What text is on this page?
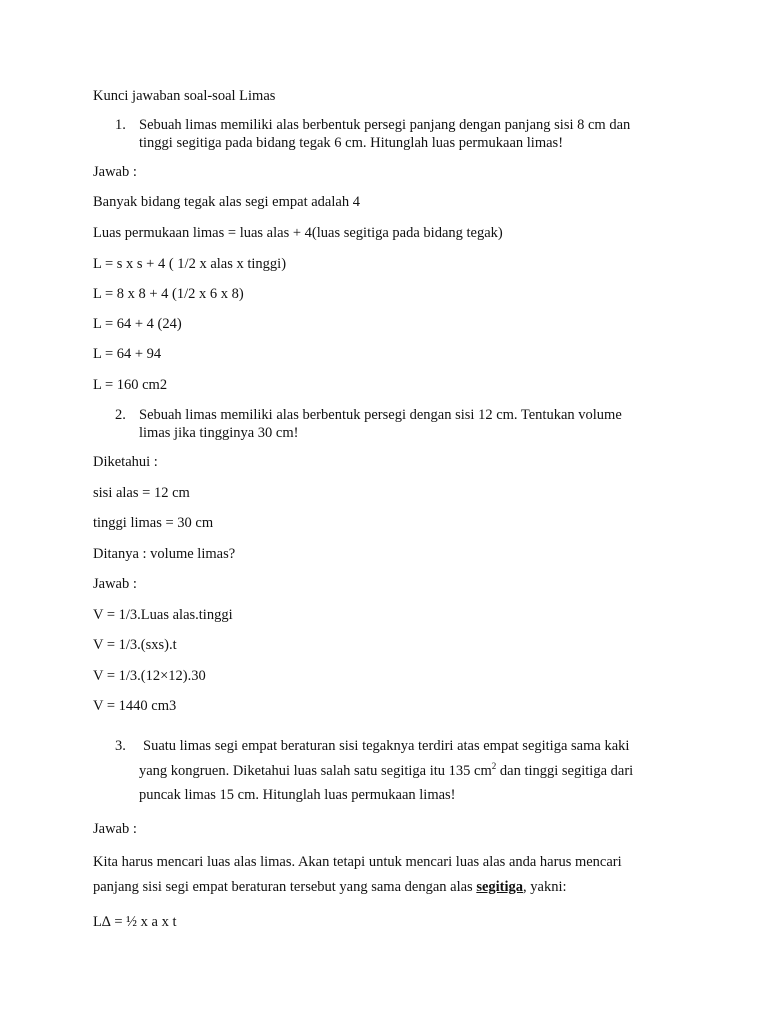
Kunci jawaban soal-soal Limas
1. Sebuah limas memiliki alas berbentuk persegi panjang dengan panjang sisi 8 cm dan
tinggi segitiga pada bidang tegak 6 cm. Hitunglah luas permukaan limas!
Jawab :
Banyak bidang tegak alas segi empat adalah 4
Luas permukaan limas = luas alas + 4(luas segitiga pada bidang tegak)
L = s x s + 4 ( 1/2 x alas x tinggi)
L = 8 x 8 + 4 (1/2 x 6 x 8)
L = 64 + 4 (24)
L = 64 + 94
L = 160 cm2
2. Sebuah limas memiliki alas berbentuk persegi dengan sisi 12 cm. Tentukan volume
limas jika tingginya 30 cm!
Diketahui :
sisi alas = 12 cm
tinggi limas = 30 cm
Ditanya : volume limas?
Jawab :
V = 1/3.Luas alas.tinggi
V = 1/3.(sxs).t
V = 1/3.(12×12).30
V = 1440 cm3
3. Suatu limas segi empat beraturan sisi tegaknya terdiri atas empat segitiga sama kaki
yang kongruen. Diketahui luas salah satu segitiga itu 135 $cm^2$ dan tinggi segitiga dari
puncak limas 15 cm. Hitunglah luas permukaan limas!
Jawab :
Kita harus mencari luas alas limas. Akan tetapi untuk mencari luas alas anda harus mencari
panjang sisi segi empat beraturan tersebut yang sama dengan alas segitiga, yakni:
L∆ = ½ x a x t
